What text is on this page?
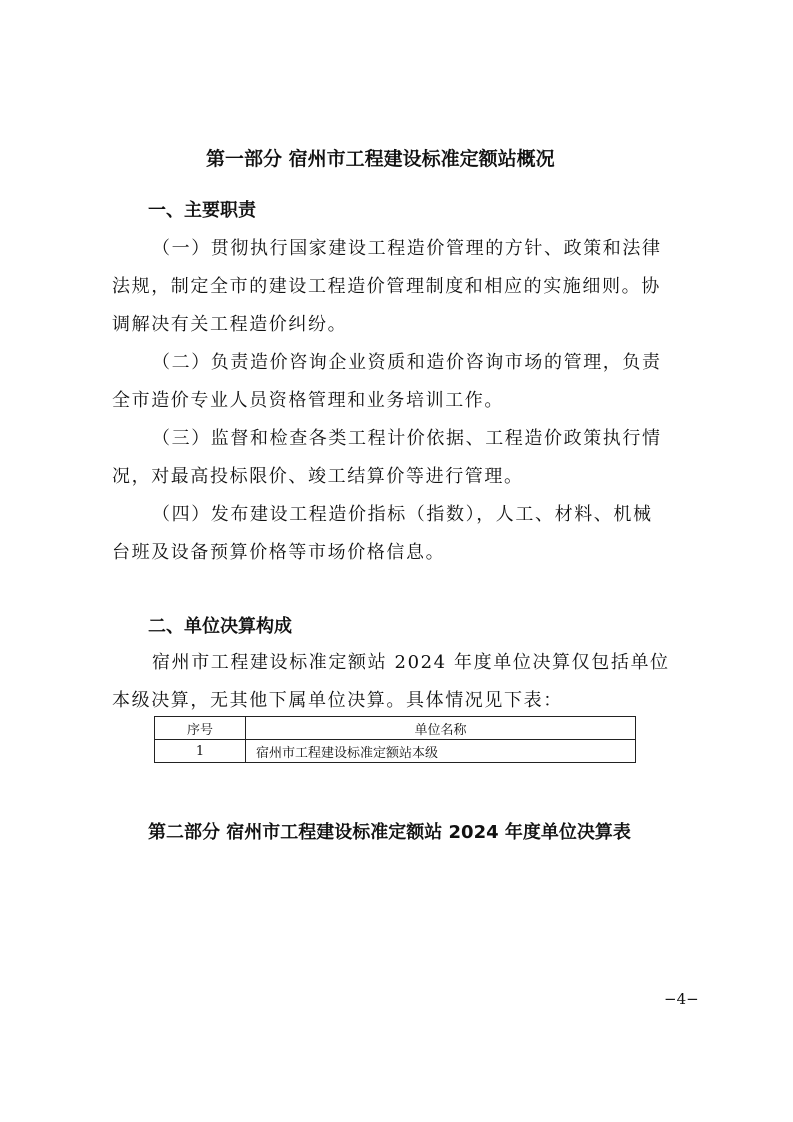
第一部分 宿州市工程建设标准定额站概况
一、主要职责
（一）贯彻执行国家建设工程造价管理的方针、政策和法律
法规，制定全市的建设工程造价管理制度和相应的实施细则。协
调解决有关工程造价纠纷。
（二）负责造价咨询企业资质和造价咨询市场的管理，负责
全市造价专业人员资格管理和业务培训工作。
（三）监督和检查各类工程计价依据、工程造价政策执行情
况，对最高投标限价、竣工结算价等进行管理。
（四）发布建设工程造价指标（指数），人工、材料、机械
台班及设备预算价格等市场价格信息。
二、单位决算构成
宿州市工程建设标准定额站 2024 年度单位决算仅包括单位
本级决算，无其他下属单位决算。具体情况见下表：
序号	单位名称
1	宿州市工程建设标准定额站本级
第二部分 宿州市工程建设标准定额站 2024 年度单位决算表
−4−
